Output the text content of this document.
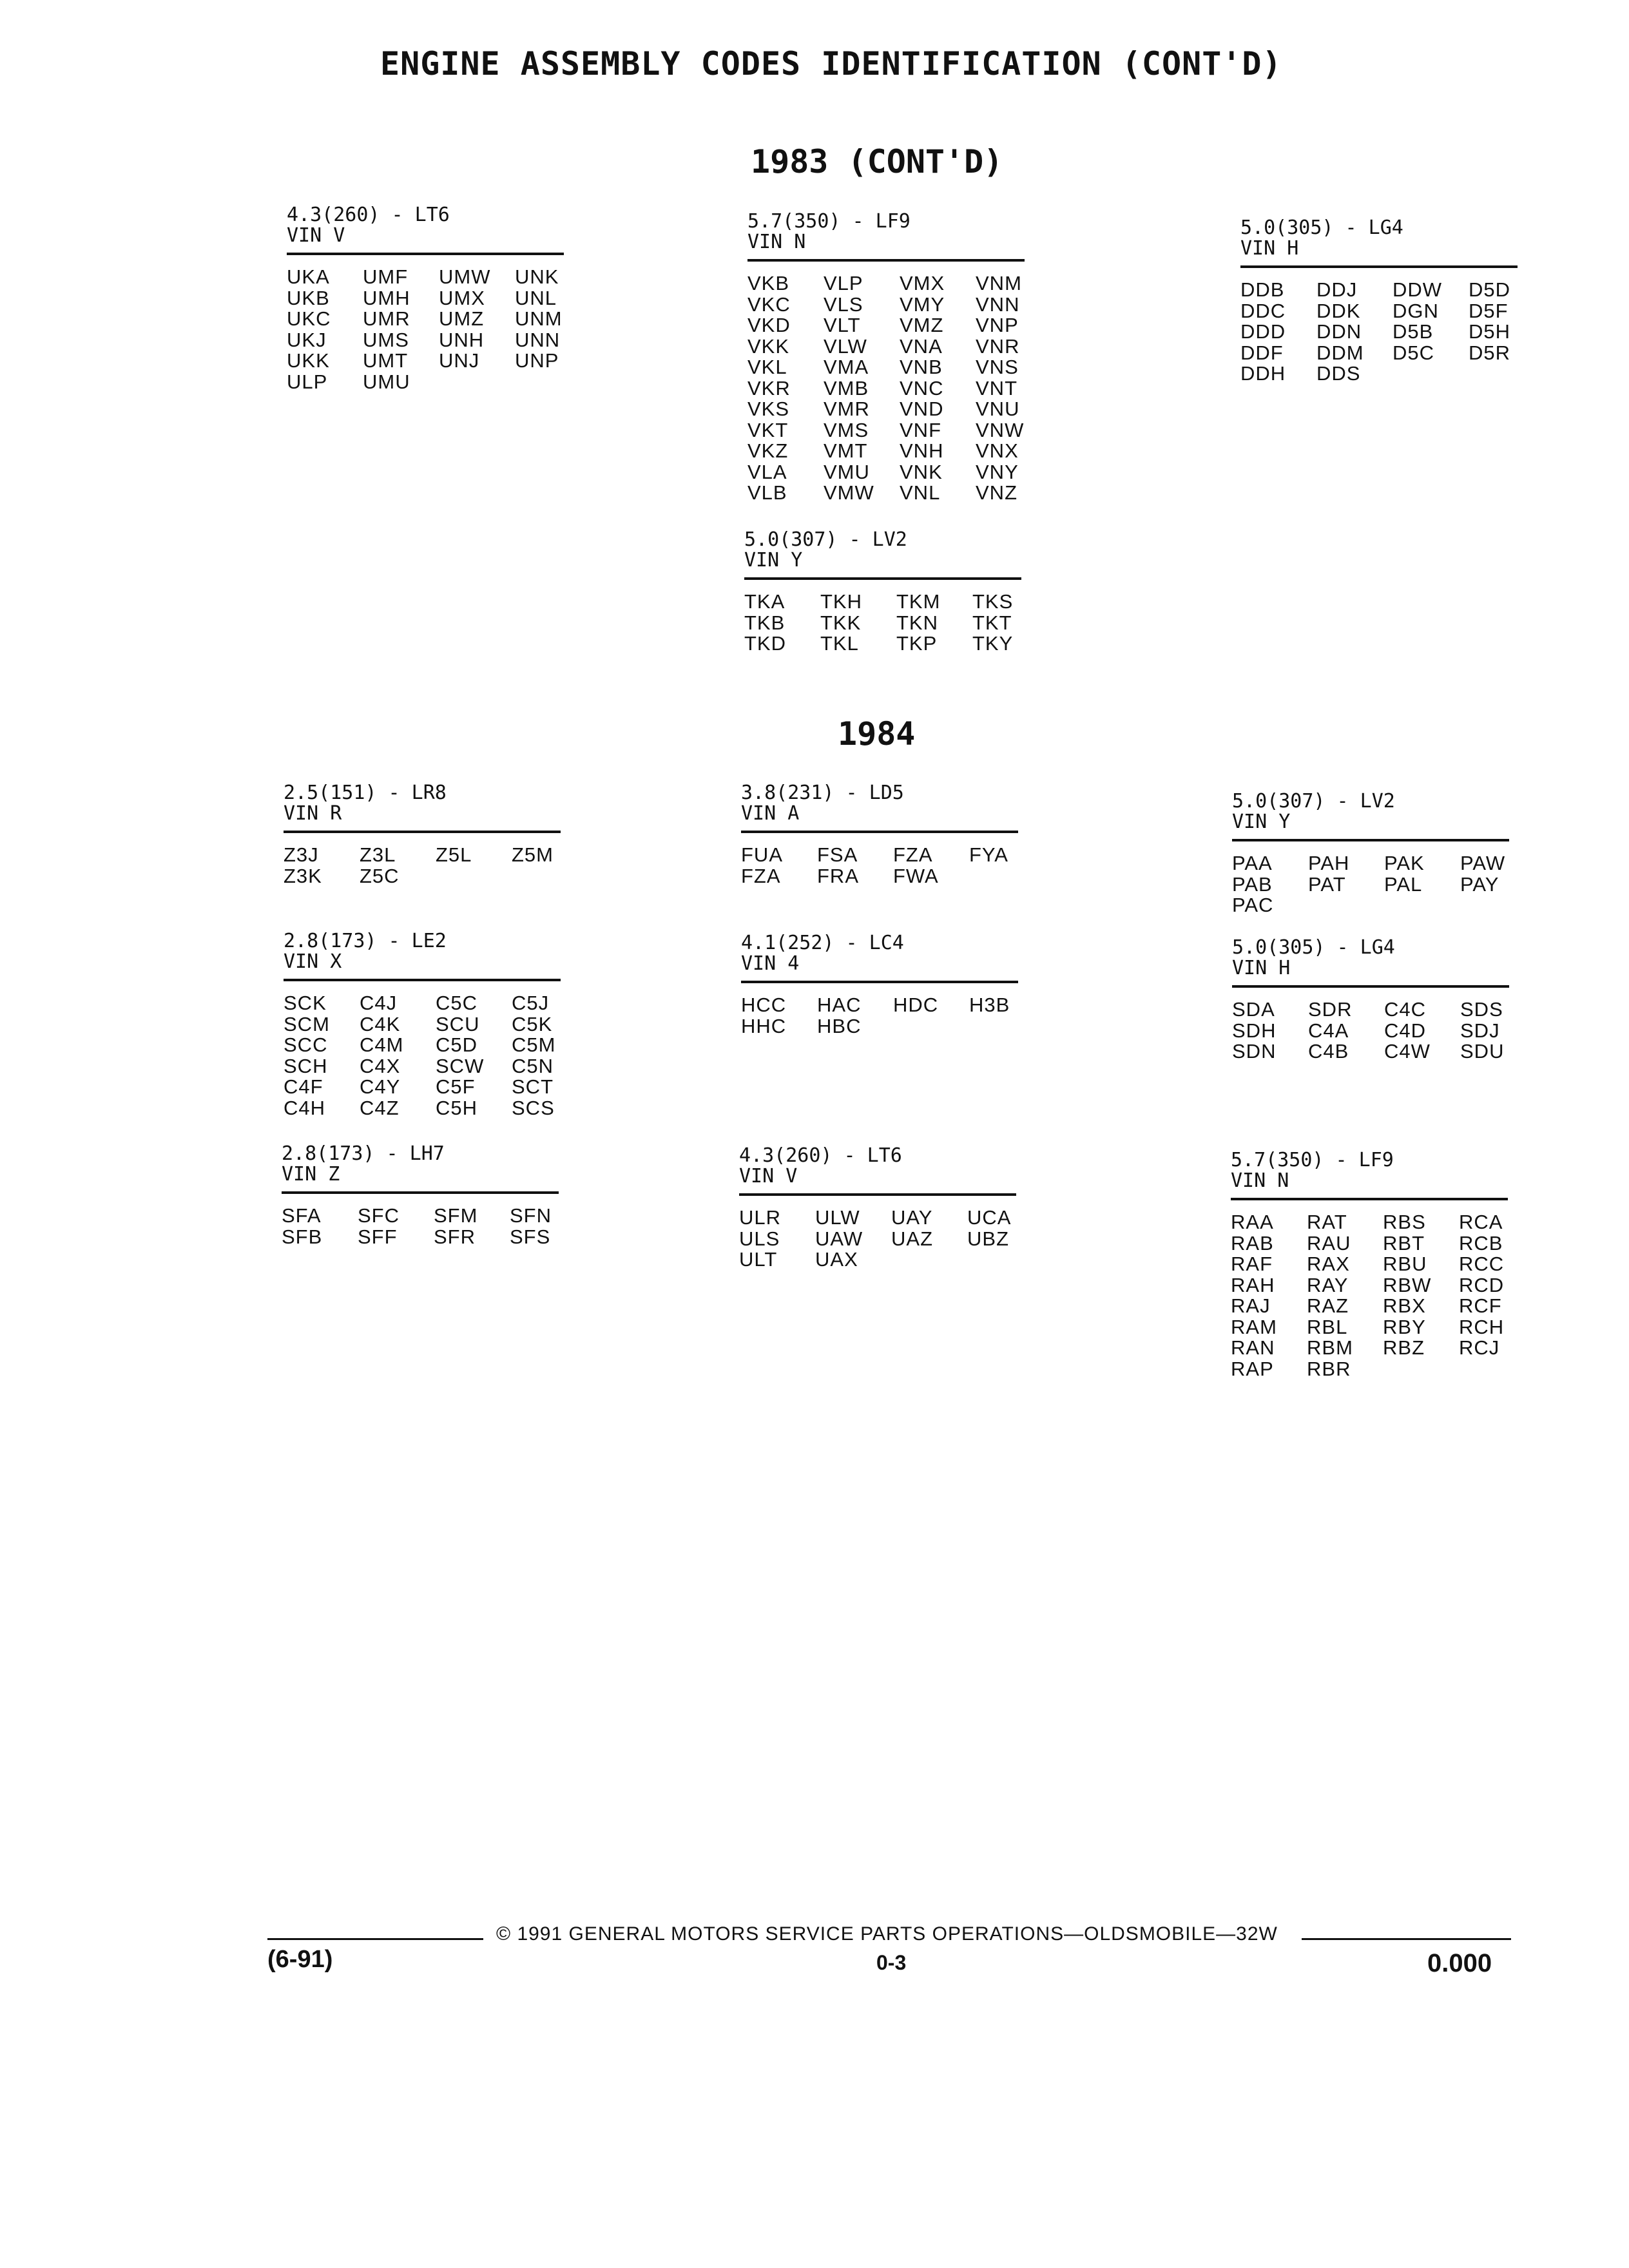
ENGINE ASSEMBLY CODES IDENTIFICATION (CONT'D)
1983 (CONT'D)
1984
4.3(260) - LT6
VIN V
UKA	UMF	UMW	UNK
UKB	UMH	UMX	UNL
UKC	UMR	UMZ	UNM
UKJ	UMS	UNH	UNN
UKK	UMT	UNJ	UNP
ULP	UMU
5.7(350) - LF9
VIN N
VKB	VLP	VMX	VNM
VKC	VLS	VMY	VNN
VKD	VLT	VMZ	VNP
VKK	VLW	VNA	VNR
VKL	VMA	VNB	VNS
VKR	VMB	VNC	VNT
VKS	VMR	VND	VNU
VKT	VMS	VNF	VNW
VKZ	VMT	VNH	VNX
VLA	VMU	VNK	VNY
VLB	VMW	VNL	VNZ
5.0(307) - LV2
VIN Y
TKA	TKH	TKM	TKS
TKB	TKK	TKN	TKT
TKD	TKL	TKP	TKY
5.0(305) - LG4
VIN H
DDB	DDJ	DDW	D5D
DDC	DDK	DGN	D5F
DDD	DDN	D5B	D5H
DDF	DDM	D5C	D5R
DDH	DDS
2.5(151) - LR8
VIN R
Z3J	Z3L	Z5L	Z5M
Z3K	Z5C
2.8(173) - LE2
VIN X
SCK	C4J	C5C	C5J
SCM	C4K	SCU	C5K
SCC	C4M	C5D	C5M
SCH	C4X	SCW	C5N
C4F	C4Y	C5F	SCT
C4H	C4Z	C5H	SCS
2.8(173) - LH7
VIN Z
SFA	SFC	SFM	SFN
SFB	SFF	SFR	SFS
3.8(231) - LD5
VIN A
FUA	FSA	FZA	FYA
FZA	FRA	FWA
4.1(252) - LC4
VIN 4
HCC	HAC	HDC	H3B
HHC	HBC
4.3(260) - LT6
VIN V
ULR	ULW	UAY	UCA
ULS	UAW	UAZ	UBZ
ULT	UAX
5.0(307) - LV2
VIN Y
PAA	PAH	PAK	PAW
PAB	PAT	PAL	PAY
PAC
5.0(305) - LG4
VIN H
SDA	SDR	C4C	SDS
SDH	C4A	C4D	SDJ
SDN	C4B	C4W	SDU
5.7(350) - LF9
VIN N
RAA	RAT	RBS	RCA
RAB	RAU	RBT	RCB
RAF	RAX	RBU	RCC
RAH	RAY	RBW	RCD
RAJ	RAZ	RBX	RCF
RAM	RBL	RBY	RCH
RAN	RBM	RBZ	RCJ
RAP	RBR
© 1991 GENERAL MOTORS SERVICE PARTS OPERATIONS—OLDSMOBILE—32W
(6-91)	0-3	0.000
